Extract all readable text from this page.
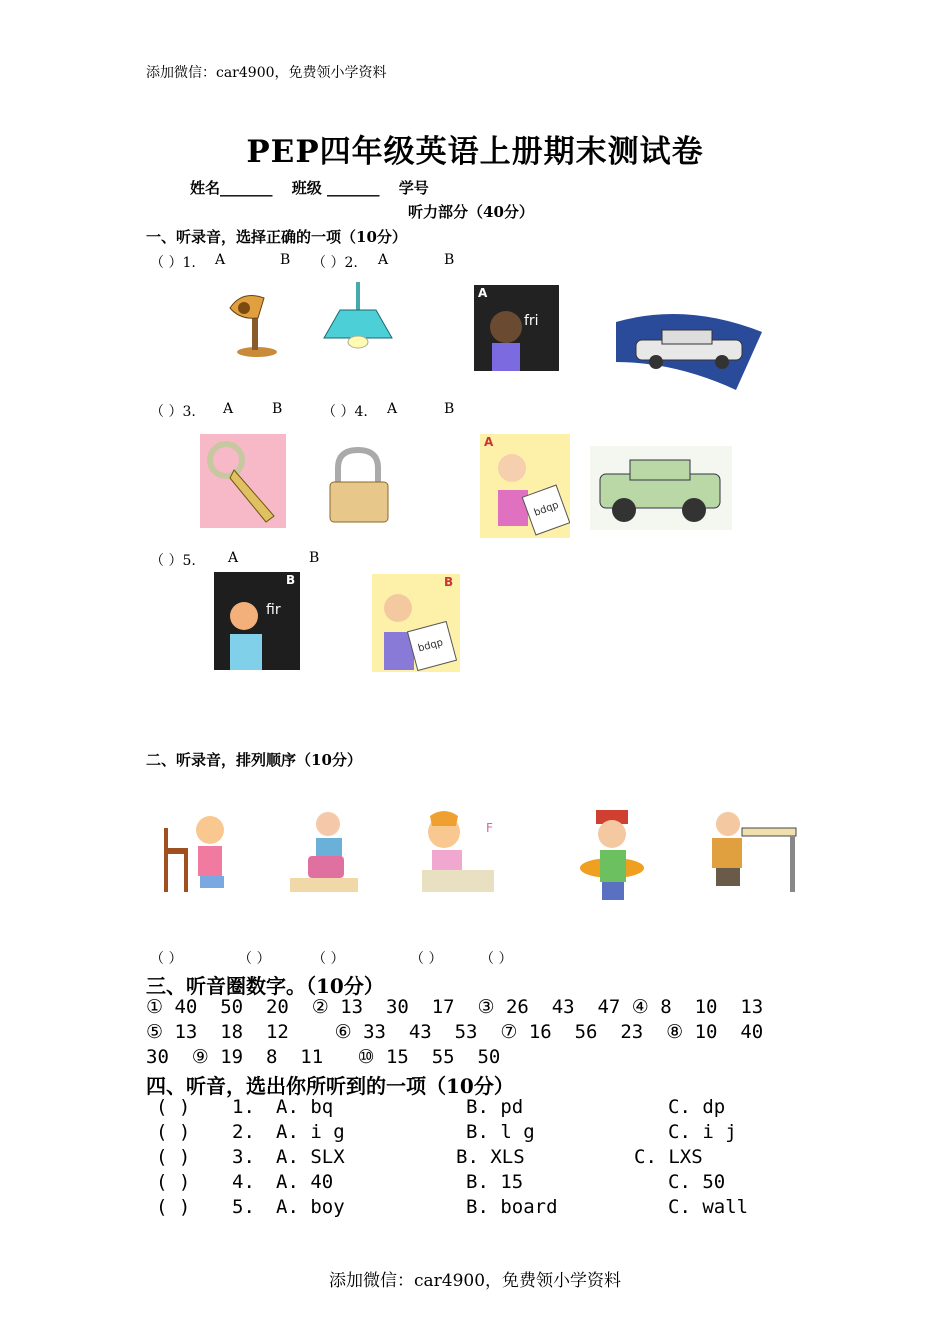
添加微信：car4900，免费领小学资料
PEP四年级英语上册期末测试卷
姓名_______ 班级 _______ 学号
听力部分（40分）
一、听录音，选择正确的一项（10分）
（ ）1. A	B （ ）2. A	B
A
fri
（ ）3. A	B	（ ）4. A	B
A
bdqp
（ ）5. A	B
B
fir
B
bdqp
二、听录音，排列顺序（10分）
F
（ ）	（ ）	（ ）	（ ）	（ ）
三、听音圈数字。（10分）
① 40  50  20  ② 13  30  17  ③ 26  43  47 ④ 8  10  13
⑤ 13  18  12    ⑥ 33  43  53  ⑦ 16  56  23  ⑧ 10  40
30  ⑨ 19  8  11   ⑩ 15  55  50
四、听音，选出你所听到的一项（10分）
( ) 1. A. bq	B. pd	C. dp
( ) 2. A. i g	B. l g	C. i j
( ) 3. A. SLX	B. XLS	C. LXS
( ) 4. A. 40	B. 15	C. 50
( ) 5. A. boy	B. board	C. wall
添加微信：car4900，免费领小学资料
